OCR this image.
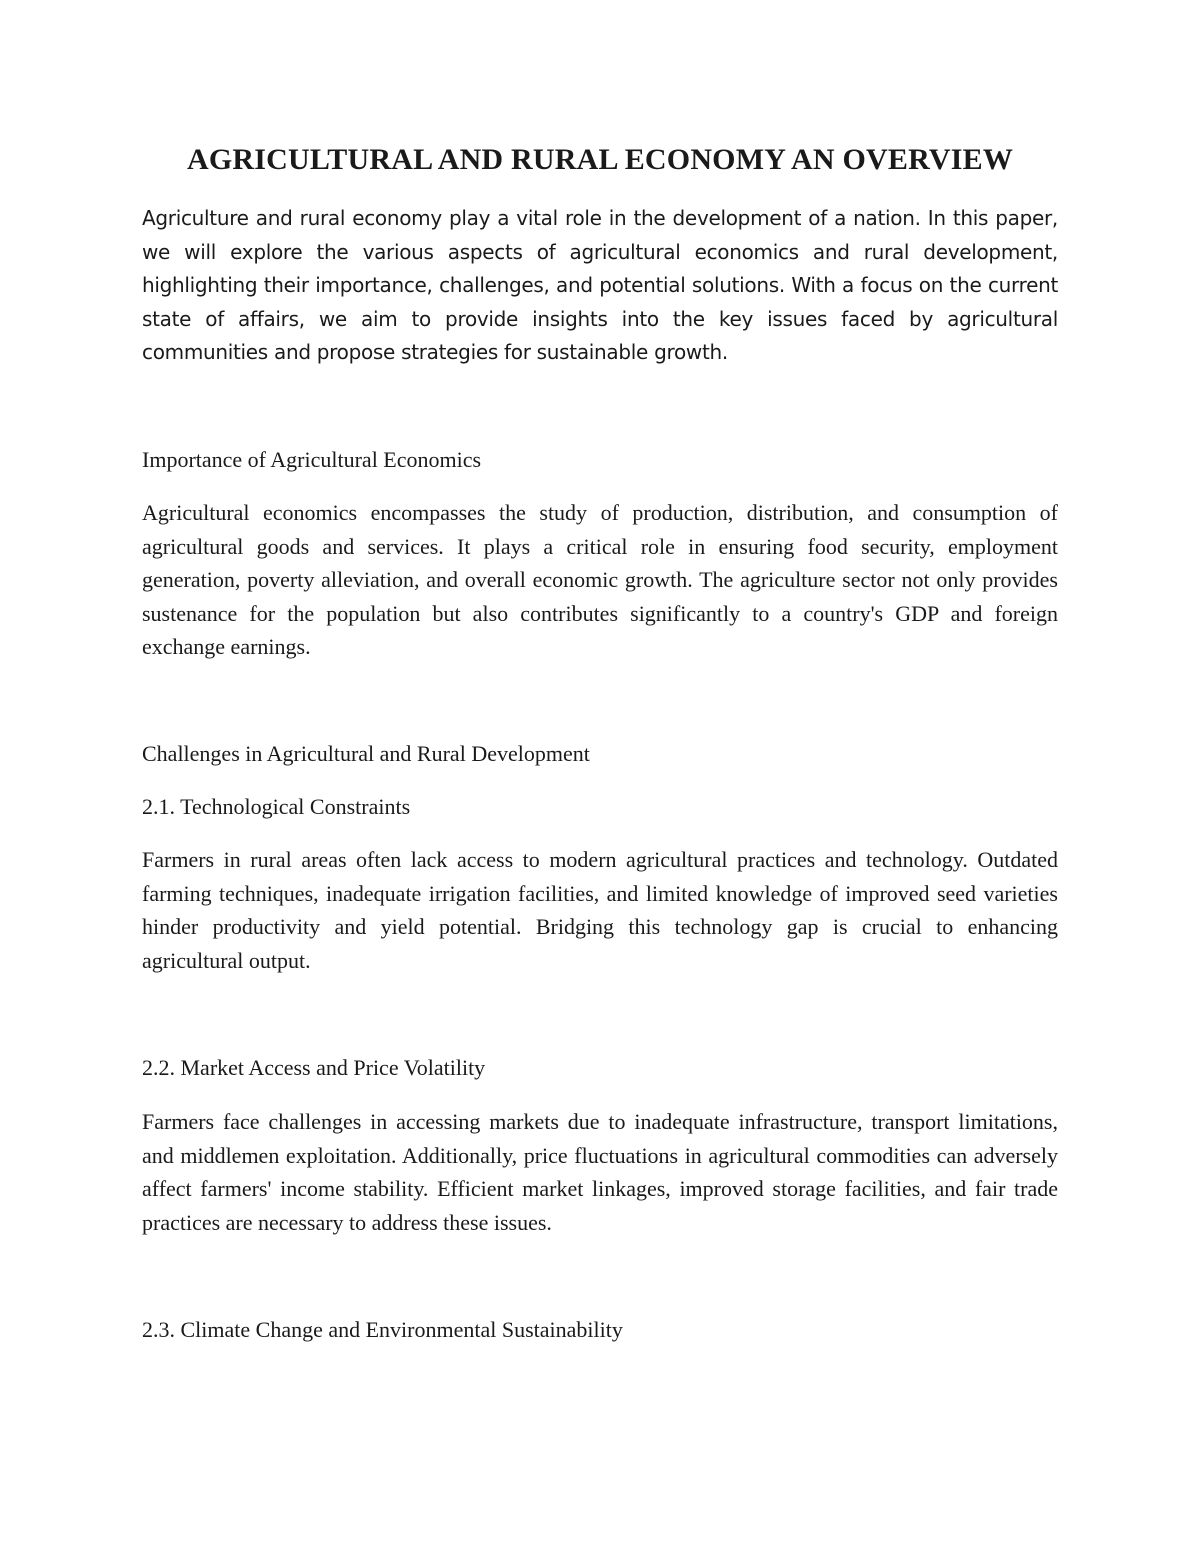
AGRICULTURAL AND RURAL ECONOMY AN OVERVIEW

Agriculture and rural economy play a vital role in the development of a nation. In this paper, we will explore the various aspects of agricultural economics and rural development, highlighting their importance, challenges, and potential solutions. With a focus on the current state of affairs, we aim to provide insights into the key issues faced by agricultural communities and propose strategies for sustainable growth.

Importance of Agricultural Economics

Agricultural economics encompasses the study of production, distribution, and consumption of agricultural goods and services. It plays a critical role in ensuring food security, employment generation, poverty alleviation, and overall economic growth. The agriculture sector not only provides sustenance for the population but also contributes significantly to a country's GDP and foreign exchange earnings.

Challenges in Agricultural and Rural Development

2.1. Technological Constraints

Farmers in rural areas often lack access to modern agricultural practices and technology. Outdated farming techniques, inadequate irrigation facilities, and limited knowledge of improved seed varieties hinder productivity and yield potential. Bridging this technology gap is crucial to enhancing agricultural output.

2.2. Market Access and Price Volatility

Farmers face challenges in accessing markets due to inadequate infrastructure, transport limitations, and middlemen exploitation. Additionally, price fluctuations in agricultural commodities can adversely affect farmers' income stability. Efficient market linkages, improved storage facilities, and fair trade practices are necessary to address these issues.

2.3. Climate Change and Environmental Sustainability
